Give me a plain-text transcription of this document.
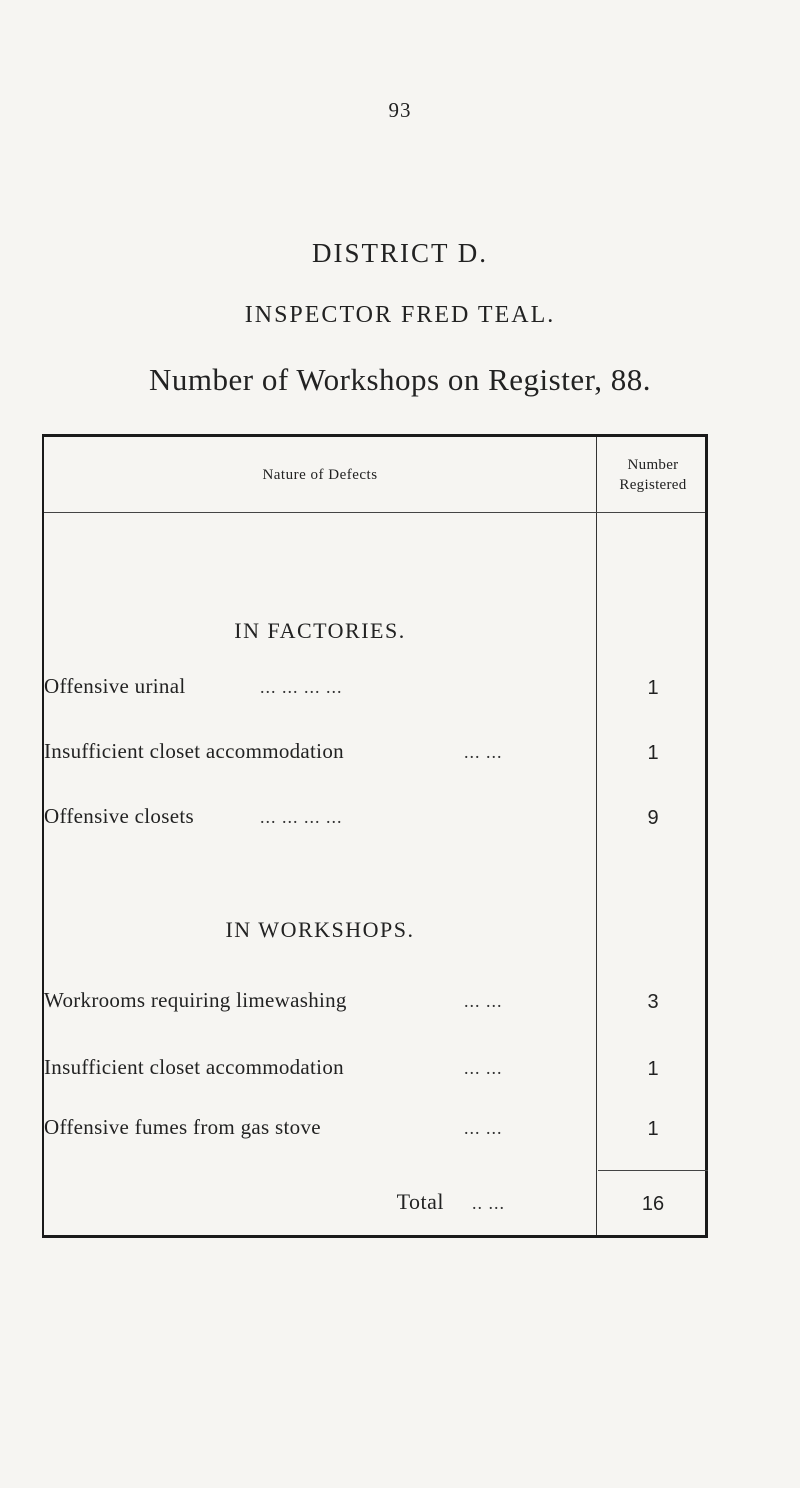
93
DISTRICT D.
INSPECTOR FRED TEAL.
Number of Workshops on Register, 88.
Nature of Defects
Number
Registered
IN FACTORIES.
Offensive urinal	... ... ... ...	1
Insufficient closet accommodation	... ...	1
Offensive closets	... ... ... ...	9
IN WORKSHOPS.
Workrooms requiring limewashing	... ...	3
Insufficient closet accommodation	... ...	1
Offensive fumes from gas stove	... ...	1
Total .. ...	16
